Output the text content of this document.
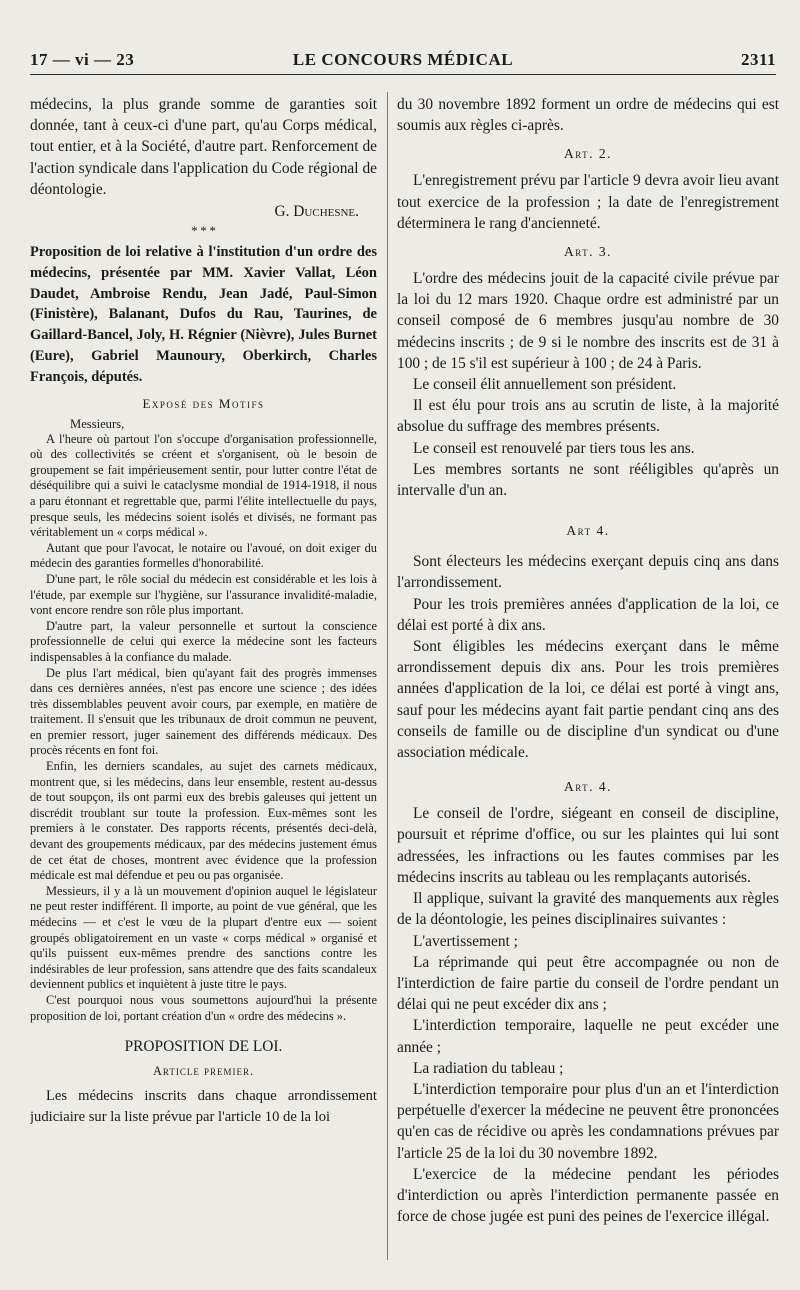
17 — vi — 23	LE CONCOURS MÉDICAL	2311

médecins, la plus grande somme de garanties soit donnée, tant à ceux-ci d'une part, qu'au Corps médical, tout entier, et à la Société, d'autre part. Renforcement de l'action syndicale dans l'application du Code régional de déontologie.

G. Duchesne.
* * *

Proposition de loi relative à l'institution d'un ordre des médecins, présentée par MM. Xavier Vallat, Léon Daudet, Ambroise Rendu, Jean Jadé, Paul-Simon (Finistère), Balanant, Dufos du Rau, Taurines, de Gaillard-Bancel, Joly, H. Régnier (Nièvre), Jules Burnet (Eure), Gabriel Maunoury, Oberkirch, Charles François, députés.

Exposé des Motifs

Messieurs,

A l'heure où partout l'on s'occupe d'organisation professionnelle, où des collectivités se créent et s'organisent, où le besoin de groupement se fait impérieusement sentir, pour lutter contre l'état de déséquilibre qui a suivi le cataclysme mondial de 1914-1918, il nous a paru étonnant et regrettable que, parmi l'élite intellectuelle du pays, presque seuls, les médecins soient isolés et divisés, ne formant pas véritablement un « corps médical ».

Autant que pour l'avocat, le notaire ou l'avoué, on doit exiger du médecin des garanties formelles d'honorabilité.

D'une part, le rôle social du médecin est considérable et les lois à l'étude, par exemple sur l'hygiène, sur l'assurance invalidité-maladie, vont encore rendre son rôle plus important.

D'autre part, la valeur personnelle et surtout la conscience professionnelle de celui qui exerce la médecine sont les facteurs indispensables à la confiance du malade.

De plus l'art médical, bien qu'ayant fait des progrès immenses dans ces dernières années, n'est pas encore une science ; des idées très dissemblables peuvent avoir cours, par exemple, en matière de traitement. Il s'ensuit que les tribunaux de droit commun ne peuvent, en premier ressort, juger sainement des différends médicaux. Des procès récents en font foi.

Enfin, les derniers scandales, au sujet des carnets médicaux, montrent que, si les médecins, dans leur ensemble, restent au-dessus de tout soupçon, ils ont parmi eux des brebis galeuses qui jettent un discrédit troublant sur toute la profession. Eux-mêmes sont les premiers à le constater. Des rapports récents, présentés deci-delà, devant des groupements médicaux, par des médecins justement émus de cet état de choses, montrent avec évidence que la profession médicale est mal défendue et peu ou pas organisée.

Messieurs, il y a là un mouvement d'opinion auquel le législateur ne peut rester indifférent. Il importe, au point de vue général, que les médecins — et c'est le vœu de la plupart d'entre eux — soient groupés obligatoirement en un vaste « corps médical » organisé et qu'ils puissent eux-mêmes prendre des sanctions contre les indésirables de leur profession, sans attendre que des faits scandaleux deviennent publics et inquiètent à juste titre le pays.

C'est pourquoi nous vous soumettons aujourd'hui la présente proposition de loi, portant création d'un « ordre des médecins ».

PROPOSITION DE LOI.
Article premier.

Les médecins inscrits dans chaque arrondissement judiciaire sur la liste prévue par l'article 10 de la loi

du 30 novembre 1892 forment un ordre de médecins qui est soumis aux règles ci-après.

Art. 2.

L'enregistrement prévu par l'article 9 devra avoir lieu avant tout exercice de la profession ; la date de l'enregistrement déterminera le rang d'ancienneté.

Art. 3.

L'ordre des médecins jouit de la capacité civile prévue par la loi du 12 mars 1920. Chaque ordre est administré par un conseil composé de 6 membres jusqu'au nombre de 30 médecins inscrits ; de 9 si le nombre des inscrits est de 31 à 100 ; de 15 s'il est supérieur à 100 ; de 24 à Paris.

Le conseil élit annuellement son président.

Il est élu pour trois ans au scrutin de liste, à la majorité absolue du suffrage des membres présents.

Le conseil est renouvelé par tiers tous les ans.

Les membres sortants ne sont rééligibles qu'après un intervalle d'un an.

Art 4.

Sont électeurs les médecins exerçant depuis cinq ans dans l'arrondissement.

Pour les trois premières années d'application de la loi, ce délai est porté à dix ans.

Sont éligibles les médecins exerçant dans le même arrondissement depuis dix ans. Pour les trois premières années d'application de la loi, ce délai est porté à vingt ans, sauf pour les médecins ayant fait partie pendant cinq ans des conseils de famille ou de discipline d'un syndicat ou d'une association médicale.

Art. 4.

Le conseil de l'ordre, siégeant en conseil de discipline, poursuit et réprime d'office, ou sur les plaintes qui lui sont adressées, les infractions ou les fautes commises par les médecins inscrits au tableau ou les remplaçants autorisés.

Il applique, suivant la gravité des manquements aux règles de la déontologie, les peines disciplinaires suivantes :

L'avertissement ;

La réprimande qui peut être accompagnée ou non de l'interdiction de faire partie du conseil de l'ordre pendant un délai qui ne peut excéder dix ans ;

L'interdiction temporaire, laquelle ne peut excéder une année ;

La radiation du tableau ;

L'interdiction temporaire pour plus d'un an et l'interdiction perpétuelle d'exercer la médecine ne peuvent être prononcées qu'en cas de récidive ou après les condamnations prévues par l'article 25 de la loi du 30 novembre 1892.

L'exercice de la médecine pendant les périodes d'interdiction ou après l'interdiction permanente passée en force de chose jugée est puni des peines de l'exercice illégal.
